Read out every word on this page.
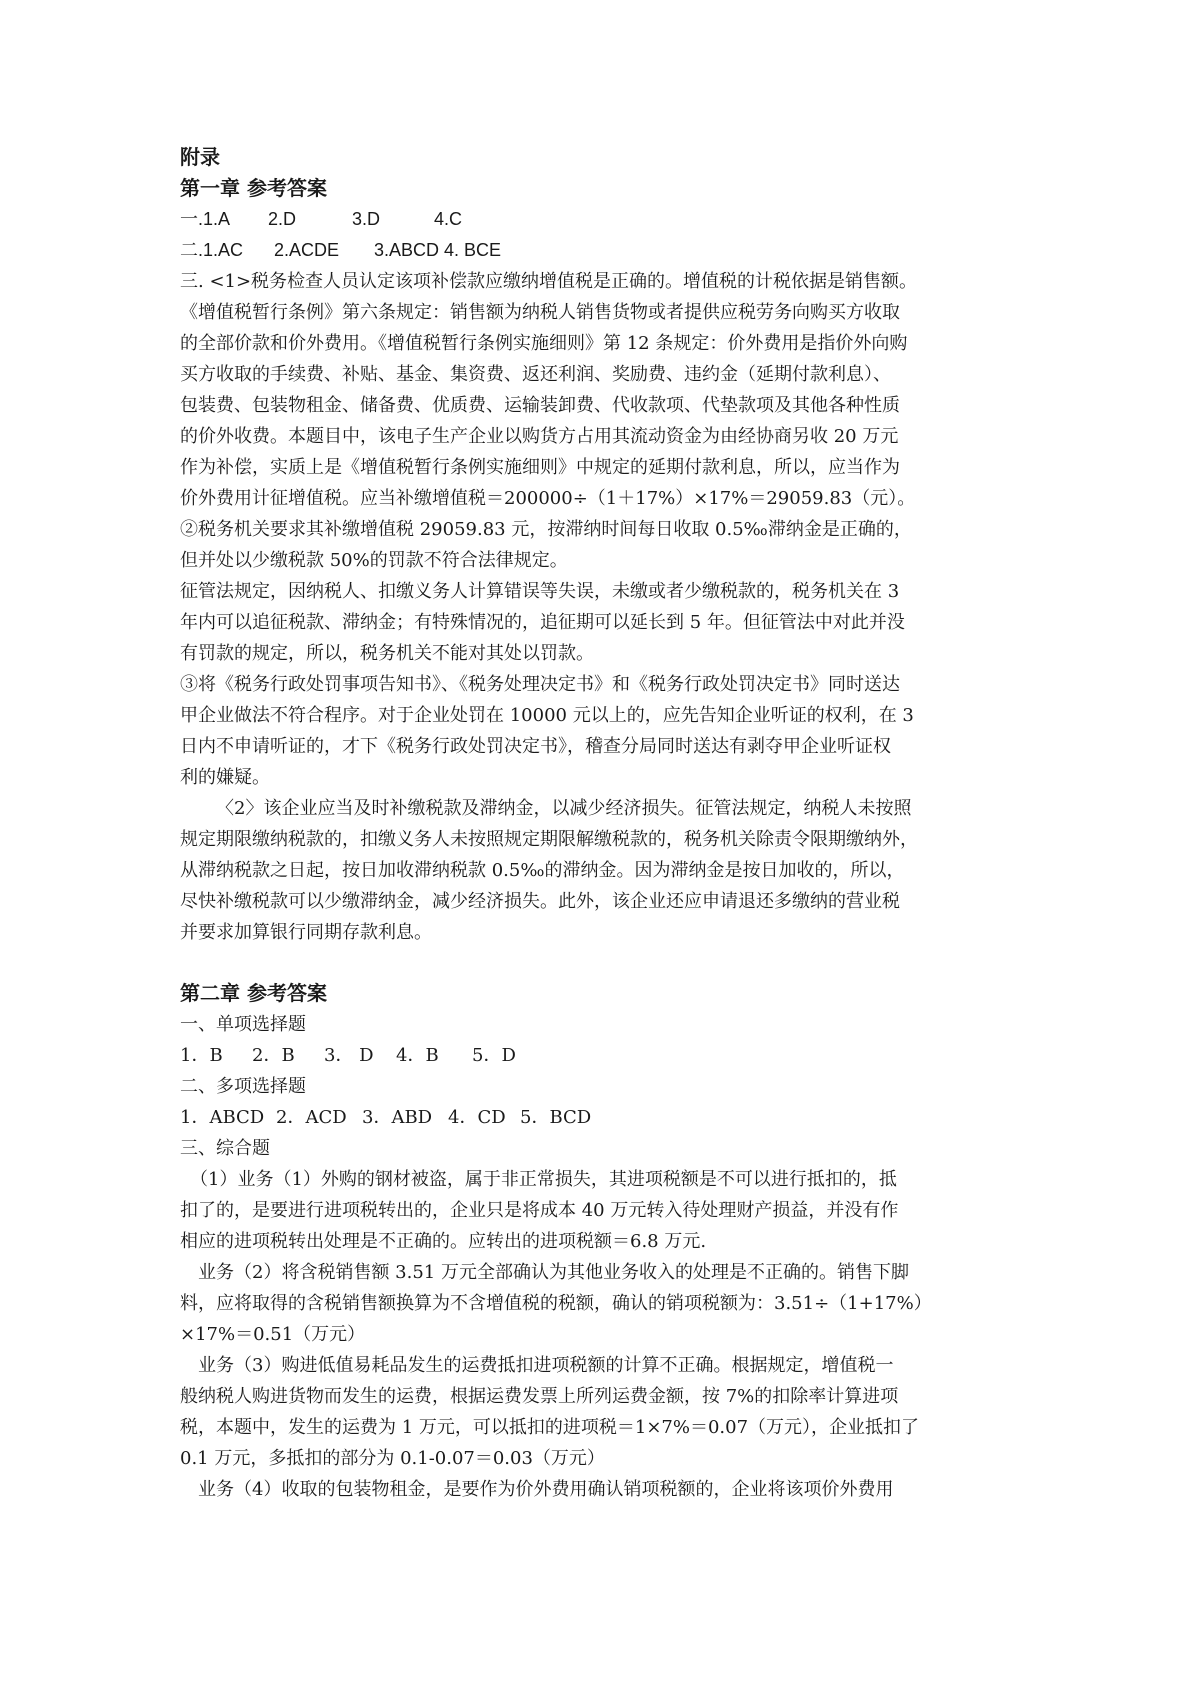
附录
第一章 参考答案
一.1.A 2.D	3.D	4.C
二.1.AC 2.ACDE 3.ABCD 4. BCE
三. <1>税务检查人员认定该项补偿款应缴纳增值税是正确的。增值税的计税依据是销售额。
《增值税暂行条例》第六条规定：销售额为纳税人销售货物或者提供应税劳务向购买方收取
的全部价款和价外费用。《增值税暂行条例实施细则》第 12 条规定：价外费用是指价外向购
买方收取的手续费、补贴、基金、集资费、返还利润、奖励费、违约金（延期付款利息）、
包装费、包装物租金、储备费、优质费、运输装卸费、代收款项、代垫款项及其他各种性质
的价外收费。本题目中，该电子生产企业以购货方占用其流动资金为由经协商另收 20 万元
作为补偿，实质上是《增值税暂行条例实施细则》中规定的延期付款利息，所以，应当作为
价外费用计征增值税。应当补缴增值税＝200000÷（1＋17%）×17%＝29059.83（元）。
②税务机关要求其补缴增值税 29059.83 元，按滞纳时间每日收取 0.5‰滞纳金是正确的，
但并处以少缴税款 50%的罚款不符合法律规定。
征管法规定，因纳税人、扣缴义务人计算错误等失误，未缴或者少缴税款的，税务机关在 3
年内可以追征税款、滞纳金；有特殊情况的，追征期可以延长到 5 年。但征管法中对此并没
有罚款的规定，所以，税务机关不能对其处以罚款。
③将《税务行政处罚事项告知书》、《税务处理决定书》和《税务行政处罚决定书》同时送达
甲企业做法不符合程序。对于企业处罚在 10000 元以上的，应先告知企业听证的权利，在 3
日内不申请听证的，才下《税务行政处罚决定书》，稽查分局同时送达有剥夺甲企业听证权
利的嫌疑。
〈2〉该企业应当及时补缴税款及滞纳金，以减少经济损失。征管法规定，纳税人未按照
规定期限缴纳税款的，扣缴义务人未按照规定期限解缴税款的，税务机关除责令限期缴纳外，
从滞纳税款之日起，按日加收滞纳税款 0.5‰的滞纳金。因为滞纳金是按日加收的，所以，
尽快补缴税款可以少缴滞纳金，减少经济损失。此外，该企业还应申请退还多缴纳的营业税
并要求加算银行同期存款利息。
第二章 参考答案
一、单项选择题
1．B 2．B 3． D 4．B 5．D
二、多项选择题
1．ABCD 2．ACD 3．ABD 4．CD 5．BCD
三、综合题
（1）业务（1）外购的钢材被盗，属于非正常损失，其进项税额是不可以进行抵扣的，抵
扣了的，是要进行进项税转出的，企业只是将成本 40 万元转入待处理财产损益，并没有作
相应的进项税转出处理是不正确的。应转出的进项税额＝6.8 万元.
业务（2）将含税销售额 3.51 万元全部确认为其他业务收入的处理是不正确的。销售下脚
料，应将取得的含税销售额换算为不含增值税的税额，确认的销项税额为：3.51÷（1+17%）
×17%＝0.51（万元）
业务（3）购进低值易耗品发生的运费抵扣进项税额的计算不正确。根据规定，增值税一
般纳税人购进货物而发生的运费，根据运费发票上所列运费金额，按 7%的扣除率计算进项
税，本题中，发生的运费为 1 万元，可以抵扣的进项税＝1×7%＝0.07（万元），企业抵扣了
0.1 万元，多抵扣的部分为 0.1-0.07＝0.03（万元）
业务（4）收取的包装物租金，是要作为价外费用确认销项税额的，企业将该项价外费用
